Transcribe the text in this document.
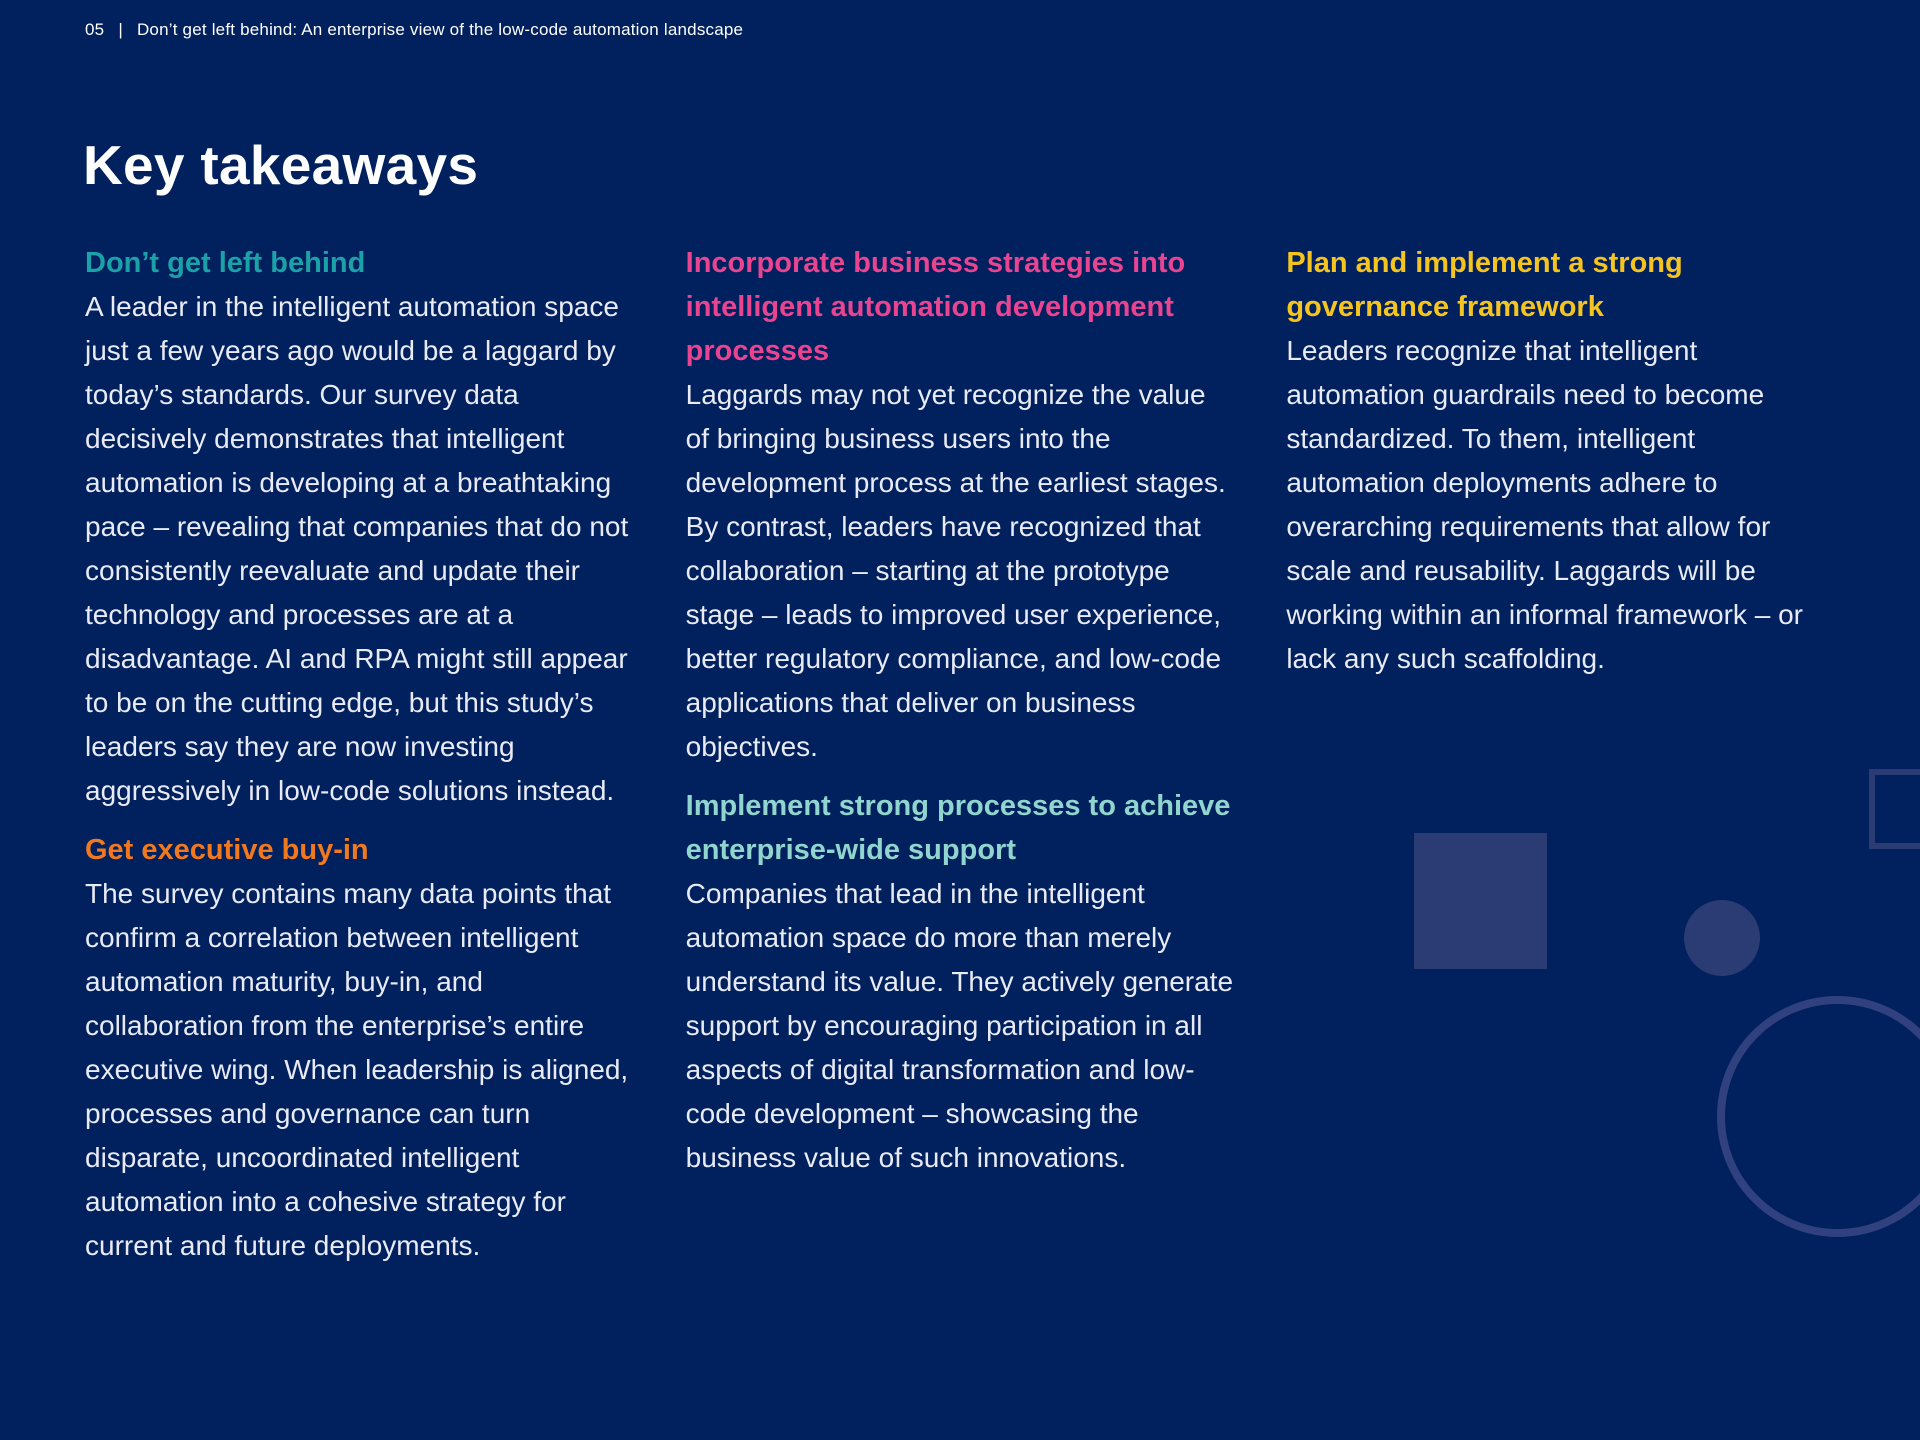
05 | Don’t get left behind: An enterprise view of the low-code automation landscape
Key takeaways
Don’t get left behind

A leader in the intelligent automation space just a few years ago would be a laggard by today’s standards. Our survey data decisively demonstrates that intelligent automation is developing at a breathtaking pace – revealing that companies that do not consistently reevaluate and update their technology and processes are at a disadvantage. AI and RPA might still appear to be on the cutting edge, but this study’s leaders say they are now investing aggressively in low-code solutions instead.

Get executive buy-in

The survey contains many data points that confirm a correlation between intelligent automation maturity, buy-in, and collaboration from the enterprise’s entire executive wing. When leadership is aligned, processes and governance can turn disparate, uncoordinated intelligent automation into a cohesive strategy for current and future deployments.

Incorporate business strategies into intelligent automation development processes

Laggards may not yet recognize the value of bringing business users into the development process at the earliest stages. By contrast, leaders have recognized that collaboration – starting at the prototype stage – leads to improved user experience, better regulatory compliance, and low-code applications that deliver on business objectives.

Implement strong processes to achieve enterprise-wide support

Companies that lead in the intelligent automation space do more than merely understand its value. They actively generate support by encouraging participation in all aspects of digital transformation and low-code development – showcasing the business value of such innovations.

Plan and implement a strong governance framework

Leaders recognize that intelligent automation guardrails need to become standardized. To them, intelligent automation deployments adhere to overarching requirements that allow for scale and reusability. Laggards will be working within an informal framework – or lack any such scaffolding.
